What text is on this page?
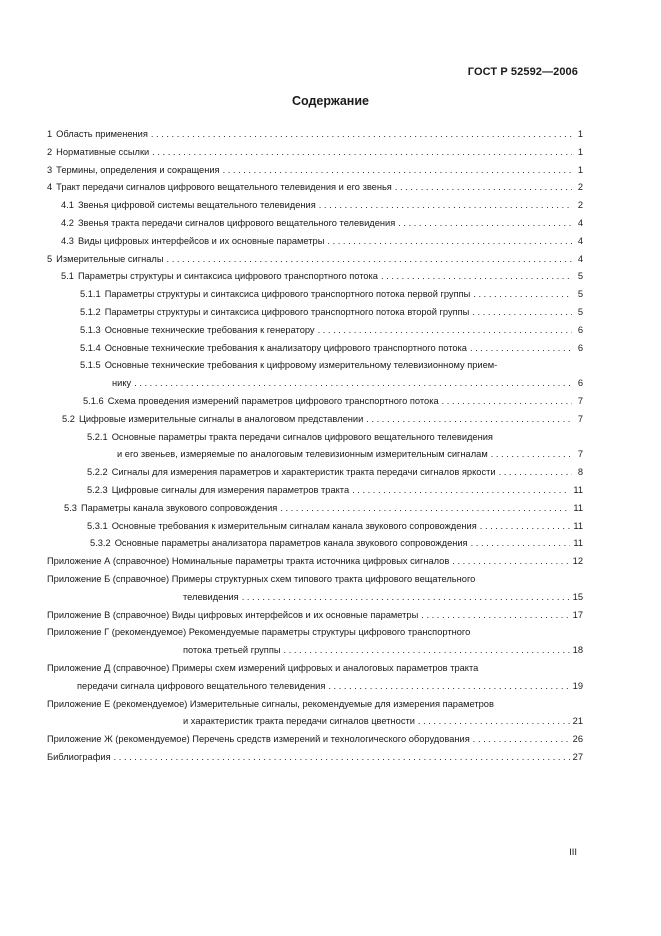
ГОСТ Р 52592—2006
Содержание
1 Область применения . . .	1
2 Нормативные ссылки . . .	1
3 Термины, определения и сокращения . . .	1
4 Тракт передачи сигналов цифрового вещательного телевидения и его звенья . . .	2
4.1 Звенья цифровой системы вещательного телевидения . . .	2
4.2 Звенья тракта передачи сигналов цифрового вещательного телевидения . . .	4
4.3 Виды цифровых интерфейсов и их основные параметры . . .	4
5 Измерительные сигналы . . .	4
5.1 Параметры структуры и синтаксиса цифрового транспортного потока . . .	5
5.1.1 Параметры структуры и синтаксиса цифрового транспортного потока первой группы . . .	5
5.1.2 Параметры структуры и синтаксиса цифрового транспортного потока второй группы . . .	5
5.1.3 Основные технические требования к генератору . . .	6
5.1.4 Основные технические требования к анализатору цифрового транспортного потока . . .	6
5.1.5 Основные технические требования к цифровому измерительному телевизионному прием-
нику . . .	6
5.1.6 Схема проведения измерений параметров цифрового транспортного потока . . .	7
5.2 Цифровые измерительные сигналы в аналоговом представлении . . .	7
5.2.1 Основные параметры тракта передачи сигналов цифрового вещательного телевидения
и его звеньев, измеряемые по аналоговым телевизионным измерительным сигналам . . .	7
5.2.2 Сигналы для измерения параметров и характеристик тракта передачи сигналов яркости . . .	8
5.2.3 Цифровые сигналы для измерения параметров тракта . . .	11
5.3 Параметры канала звукового сопровождения . . .	11
5.3.1 Основные требования к измерительным сигналам канала звукового сопровождения . . .	11
5.3.2 Основные параметры анализатора параметров канала звукового сопровождения . . .	11
Приложение А (справочное) Номинальные параметры тракта источника цифровых сигналов . . .	12
Приложение Б (справочное) Примеры структурных схем типового тракта цифрового вещательного
телевидения . . .	15
Приложение В (справочное) Виды цифровых интерфейсов и их основные параметры . . .	17
Приложение Г (рекомендуемое) Рекомендуемые параметры структуры цифрового транспортного
потока третьей группы . . .	18
Приложение Д (справочное) Примеры схем измерений цифровых и аналоговых параметров тракта
передачи сигнала цифрового вещательного телевидения . . .	19
Приложение Е (рекомендуемое) Измерительные сигналы, рекомендуемые для измерения параметров
и характеристик тракта передачи сигналов цветности . . .	21
Приложение Ж (рекомендуемое) Перечень средств измерений и технологического оборудования . . .	26
Библиография . . .	27
III
